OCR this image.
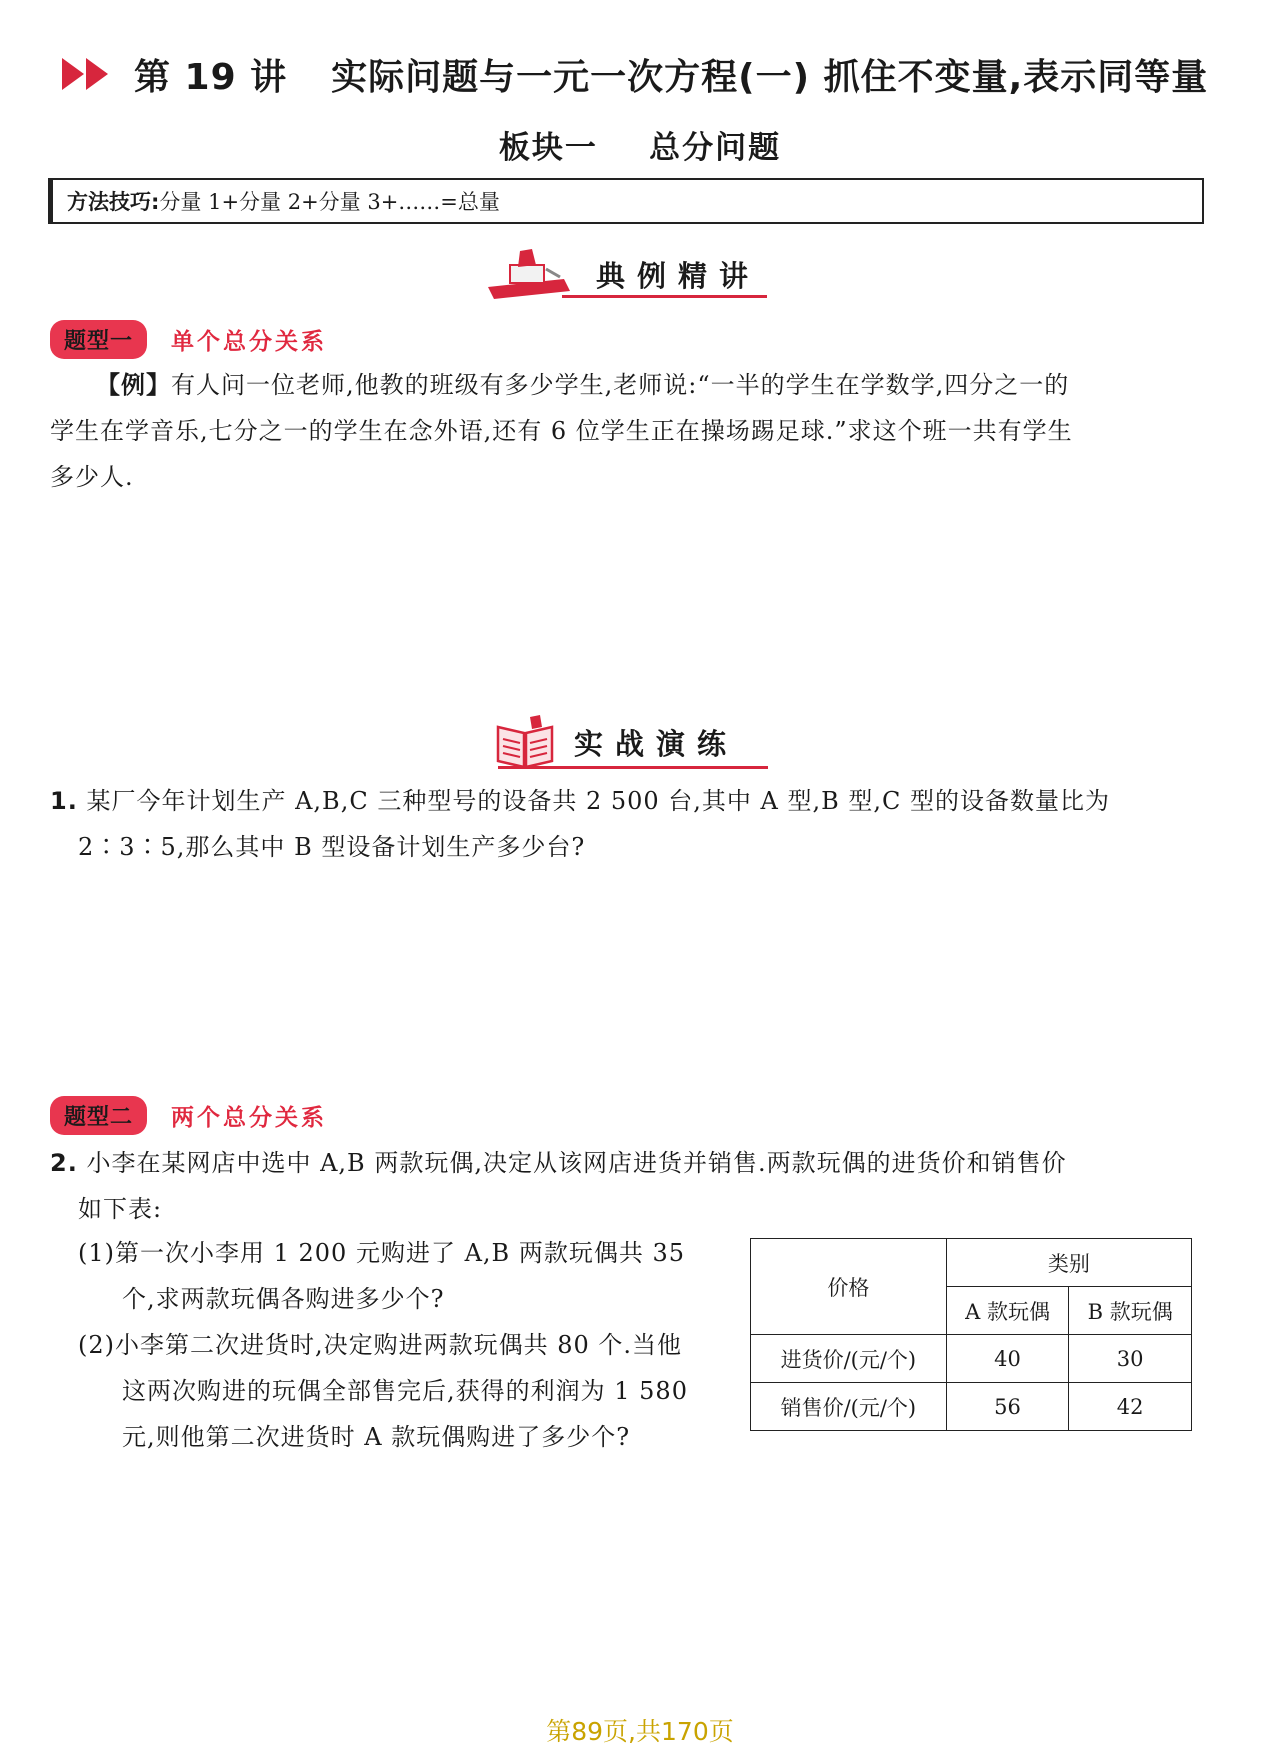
第 19 讲 实际问题与一元一次方程(一) 抓住不变量,表示同等量
板块一    总分问题
方法技巧: 分量 1+分量 2+分量 3+……=总量
典例精讲
题型一	单个总分关系
【例】有人问一位老师,他教的班级有多少学生,老师说:“一半的学生在学数学,四分之一的
学生在学音乐,七分之一的学生在念外语,还有 6 位学生正在操场踢足球.”求这个班一共有学生
多少人.
实战演练
1. 某厂今年计划生产 A,B,C 三种型号的设备共 2 500 台,其中 A 型,B 型,C 型的设备数量比为
2∶3∶5,那么其中 B 型设备计划生产多少台?
题型二	两个总分关系
2. 小李在某网店中选中 A,B 两款玩偶,决定从该网店进货并销售.两款玩偶的进货价和销售价
如下表:
(1)第一次小李用 1 200 元购进了 A,B 两款玩偶共 35
个,求两款玩偶各购进多少个?
(2)小李第二次进货时,决定购进两款玩偶共 80 个.当他
这两次购进的玩偶全部售完后,获得的利润为 1 580
元,则他第二次进货时 A 款玩偶购进了多少个?
价格	类别	
	A 款玩偶	B 款玩偶
进货价/(元/个)	40	30
销售价/(元/个)	56	42
第89页,共170页
